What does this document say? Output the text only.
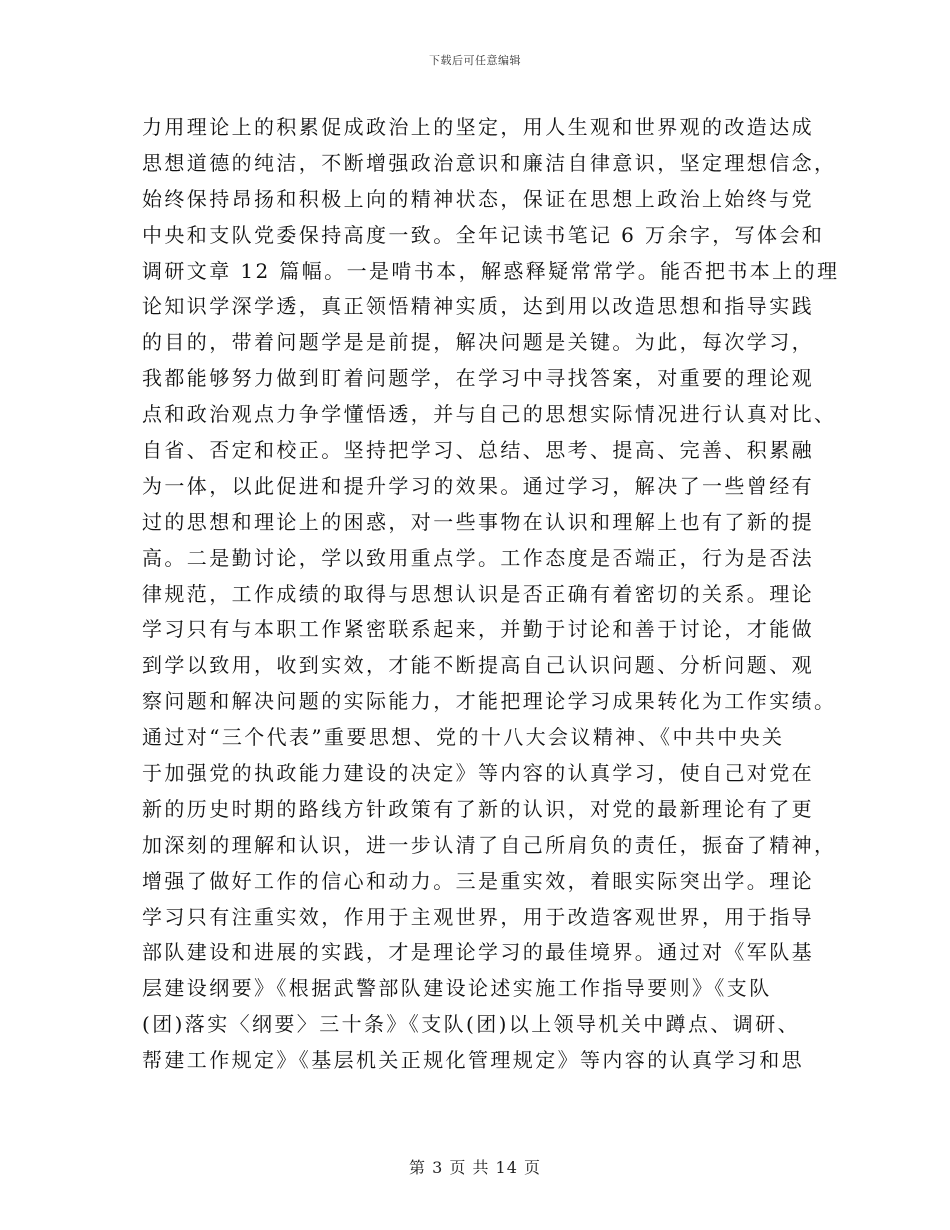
下载后可任意编辑
力用理论上的积累促成政治上的坚定，用人生观和世界观的改造达成
思想道德的纯洁，不断增强政治意识和廉洁自律意识，坚定理想信念，
始终保持昂扬和积极上向的精神状态，保证在思想上政治上始终与党
中央和支队党委保持高度一致。全年记读书笔记 6 万余字，写体会和
调研文章 12 篇幅。一是啃书本，解惑释疑常常学。能否把书本上的理
论知识学深学透，真正领悟精神实质，达到用以改造思想和指导实践
的目的，带着问题学是是前提，解决问题是关键。为此，每次学习，
我都能够努力做到盯着问题学，在学习中寻找答案，对重要的理论观
点和政治观点力争学懂悟透，并与自己的思想实际情况进行认真对比、
自省、否定和校正。坚持把学习、总结、思考、提高、完善、积累融
为一体，以此促进和提升学习的效果。通过学习，解决了一些曾经有
过的思想和理论上的困惑，对一些事物在认识和理解上也有了新的提
高。二是勤讨论，学以致用重点学。工作态度是否端正，行为是否法
律规范，工作成绩的取得与思想认识是否正确有着密切的关系。理论
学习只有与本职工作紧密联系起来，并勤于讨论和善于讨论，才能做
到学以致用，收到实效，才能不断提高自己认识问题、分析问题、观
察问题和解决问题的实际能力，才能把理论学习成果转化为工作实绩。
通过对“三个代表”重要思想、党的十八大会议精神、《中共中央关
于加强党的执政能力建设的决定》等内容的认真学习，使自己对党在
新的历史时期的路线方针政策有了新的认识，对党的最新理论有了更
加深刻的理解和认识，进一步认清了自己所肩负的责任，振奋了精神，
增强了做好工作的信心和动力。三是重实效，着眼实际突出学。理论
学习只有注重实效，作用于主观世界，用于改造客观世界，用于指导
部队建设和进展的实践，才是理论学习的最佳境界。通过对《军队基
层建设纲要》《根据武警部队建设论述实施工作指导要则》《支队
(团)落实〈纲要〉三十条》《支队(团)以上领导机关中蹲点、调研、
帮建工作规定》《基层机关正规化管理规定》等内容的认真学习和思
第 3 页 共 14 页
